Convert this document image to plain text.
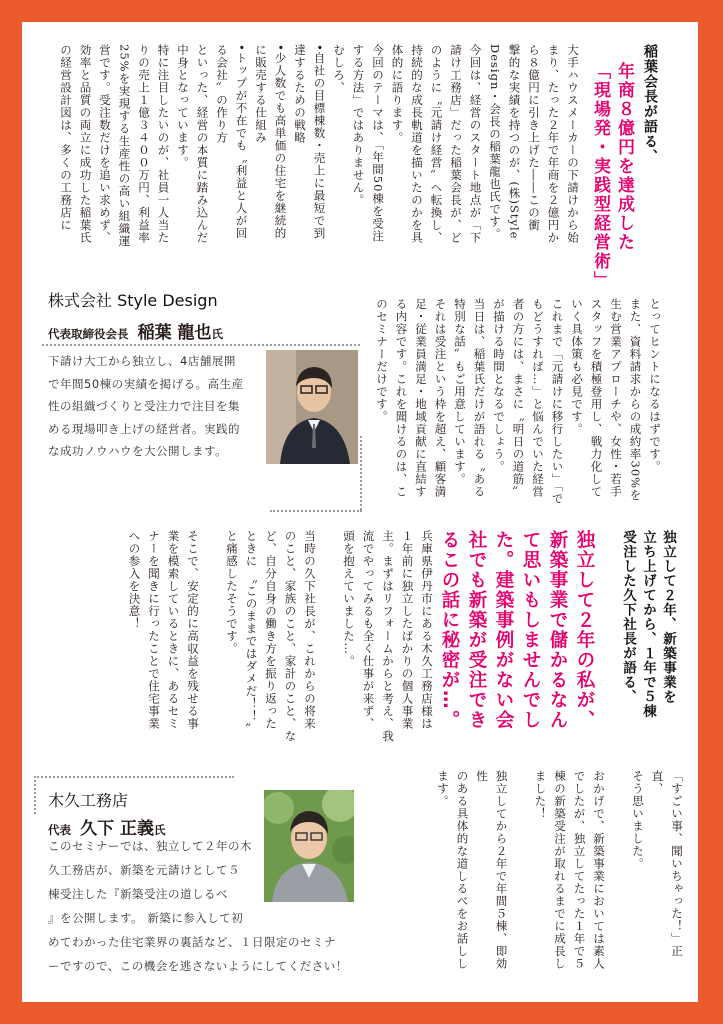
稲葉会長が語る、
年商８億円を達成した
「現場発・実践型経営術」
大手ハウスメーカーの下請けから始
まり、たった２年で年商を２億円か
ら８億円に引き上げた――この衝
撃的な実績を持つのが、(株)Style
Design・会長の稲葉龍也氏です。
今回は、経営のスタート地点が「下
請け工務店」だった稲葉会長が、ど
のように〝元請け経営〟へ転換し、
持続的な成長軌道を描いたのかを具
体的に語ります。
今回のテーマは、「年間50棟を受注
する方法」ではありません。
むしろ、
•自社の目標棟数・売上に最短で到
達するための戦略
•少人数でも高単価の住宅を継続的
に販売する仕組み
•トップが不在でも〝利益と人が回
る会社〟の作り方
といった、経営の本質に踏み込んだ
中身となっています。
特に注目したいのが、社員一人当た
りの売上１億３４００万円、利益率
25%を実現する生産性の高い組織運
営です。受注数だけを追い求めず、
効率と品質の両立に成功した稲葉氏
の経営設計図は、多くの工務店に
とってヒントになるはずです。
また、資料請求からの成約率30%を
生む営業アプローチや、女性・若手
スタッフを積極登用し、戦力化して
いく具体策も必見です。
これまで「元請けに移行したい」「で
もどうすれば…」と悩んでいた経営
者の方には、まさに〝明日の道筋〟
が描ける時間となるでしょう。
当日は、稲葉氏だけが語れる〝ある
特別な話〟もご用意しています。
それは受注という枠を超え、顧客満
足・従業員満足・地域貢献に直結す
る内容です。これを聞けるのは、こ
のセミナーだけです。
株式会社 Style Design
代表取締役会長 稲葉 龍也氏
下請け大工から独立し、4店舗展開
で年間50棟の実績を掲げる。高生産
性の組織づくりと受注力で注目を集
める現場叩き上げの経営者。実践的
な成功ノウハウを大公開します。
独立して２年、新築事業を
立ち上げてから、１年で５棟
受注した久下社長が語る、
独立して２年の私が、
新築事業で儲かるなん
て思いもしませんでし
た。建築事例がない会
社でも新築が受注でき
るこの話に秘密が…。
兵庫県伊丹市にある木久工務店様は
１年前に独立したばかりの個人事業
主。まずはリフォームからと考え、我
流でやってみるも全く仕事が来ず、
頭を抱えていました…。

当時の久下社長が、これからの将来
のこと、家族のこと、家計のこと、な
ど、自分自身の働き方を振り返った
ときに 〝このままではダメだ！！〟
と痛感したそうです。

そこで、安定的に高収益を残せる事
業を模索しているときに、あるセミ
ナーを聞きに行ったことで住宅事業
への参入を決意！
「すごい事、聞いちゃった！」正直、
そう思いました。

おかげで、新築事業においては素人
でしたが、独立してたった１年で５
棟の新築受注が取れるまでに成長し
ました！

独立してから２年で年間５棟、即効性
のある具体的な道しるべをお話しし
ます。
木久工務店
代表 久下 正義氏
このセミナーでは、独立して２年の木
久工務店が、新築を元請けとして５
棟受注した『新築受注の道しるべ
』を公開します。 新築に参入して初
めてわかった住宅業界の裏話など、１日限定のセミナ
ーですので、この機会を逃さないようにしてください！
